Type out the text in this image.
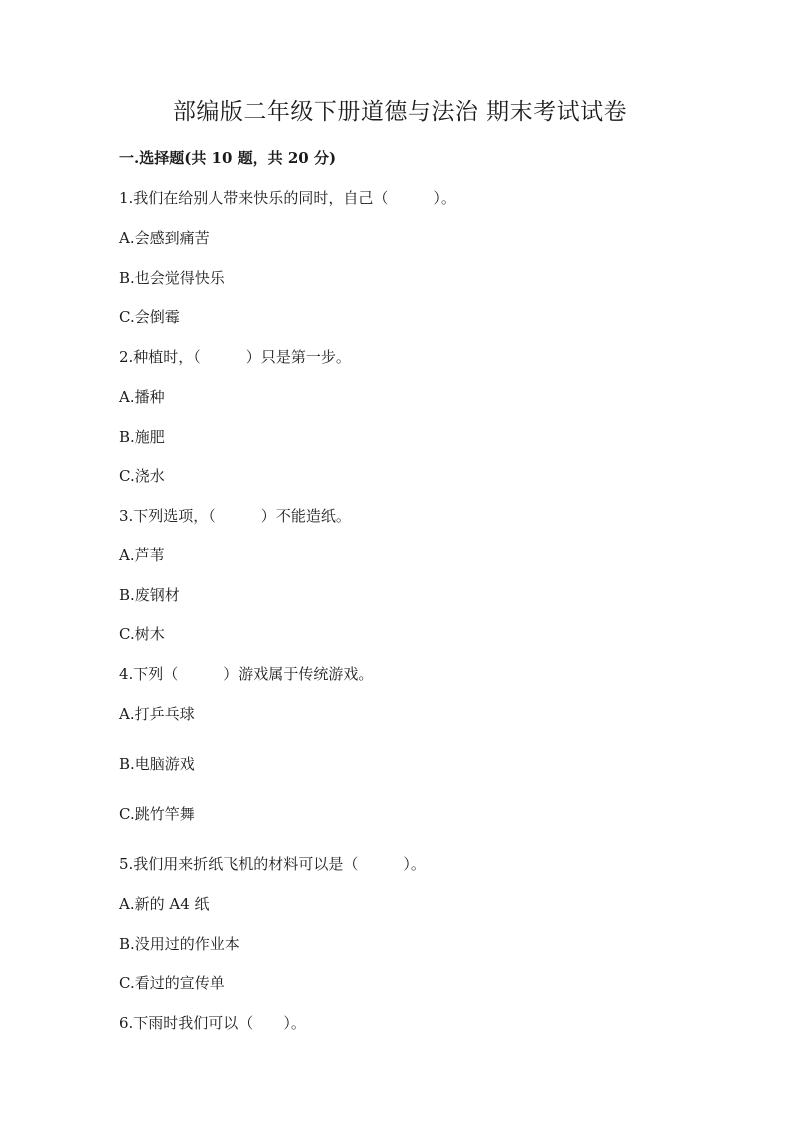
部编版二年级下册道德与法治 期末考试试卷
一.选择题(共 10 题，共 20 分)
1.我们在给别人带来快乐的同时，自己（　　　）。
A.会感到痛苦
B.也会觉得快乐
C.会倒霉
2.种植时，（　　　）只是第一步。
A.播种
B.施肥
C.浇水
3.下列选项，（　　　）不能造纸。
A.芦苇
B.废钢材
C.树木
4.下列（　　　）游戏属于传统游戏。
A.打乒乓球
B.电脑游戏
C.跳竹竿舞
5.我们用来折纸飞机的材料可以是（　　　）。
A.新的 A4 纸
B.没用过的作业本
C.看过的宣传单
6.下雨时我们可以（　　）。
